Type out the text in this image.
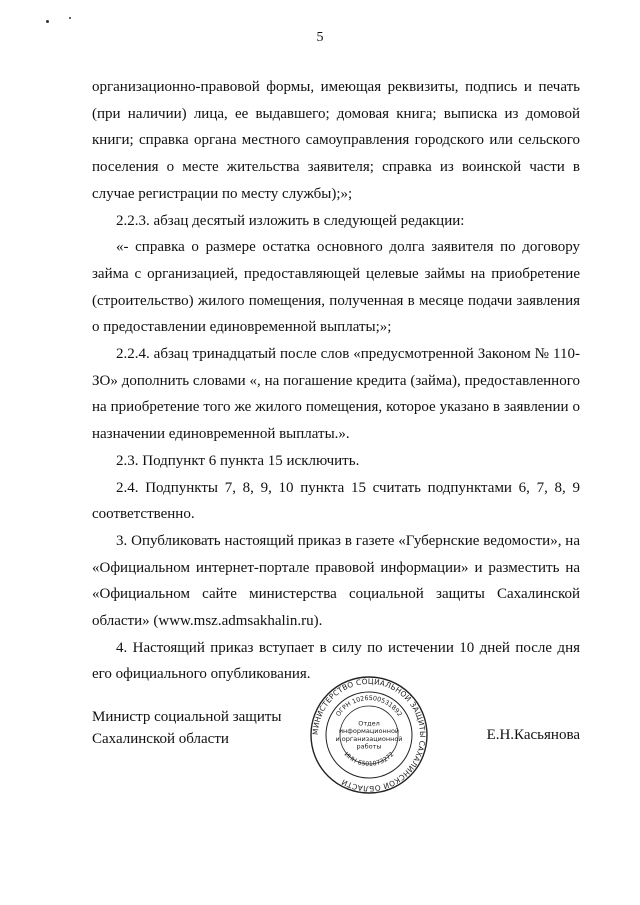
5

организационно-правовой формы, имеющая реквизиты, подпись и печать (при наличии) лица, ее выдавшего; домовая книга; выписка из домовой книги; справка органа местного самоуправления городского или сельского поселения о месте жительства заявителя; справка из воинской части в случае регистрации по месту службы);»;

2.2.3. абзац десятый изложить в следующей редакции:

«- справка о размере остатка основного долга заявителя по договору займа с организацией, предоставляющей целевые займы на приобретение (строительство) жилого помещения, полученная в месяце подачи заявления о предоставлении единовременной выплаты;»;

2.2.4. абзац тринадцатый после слов «предусмотренной Законом № 110-ЗО» дополнить словами «, на погашение кредита (займа), предоставленного на приобретение того же жилого помещения, которое указано в заявлении о назначении единовременной выплаты.».

2.3. Подпункт 6 пункта 15 исключить.

2.4. Подпункты 7, 8, 9, 10 пункта 15 считать подпунктами 6, 7, 8, 9 соответственно.

3. Опубликовать настоящий приказ в газете «Губернские ведомости», на «Официальном интернет-портале правовой информации» и разместить на «Официальном сайте министерства социальной защиты Сахалинской области» (www.msz.admsakhalin.ru).

4. Настоящий приказ вступает в силу по истечении 10 дней после дня его официального опубликования.

Министр социальной защиты
Сахалинской области	Е.Н.Касьянова
МИНИСТЕРСТВО СОЦИАЛЬНОЙ ЗАЩИТЫ САХАЛИНСКОЙ ОБЛАСТИ
ОГРН 1026500531892
ИНН 6501073272
Отдел
информационной
и организационной
работы
